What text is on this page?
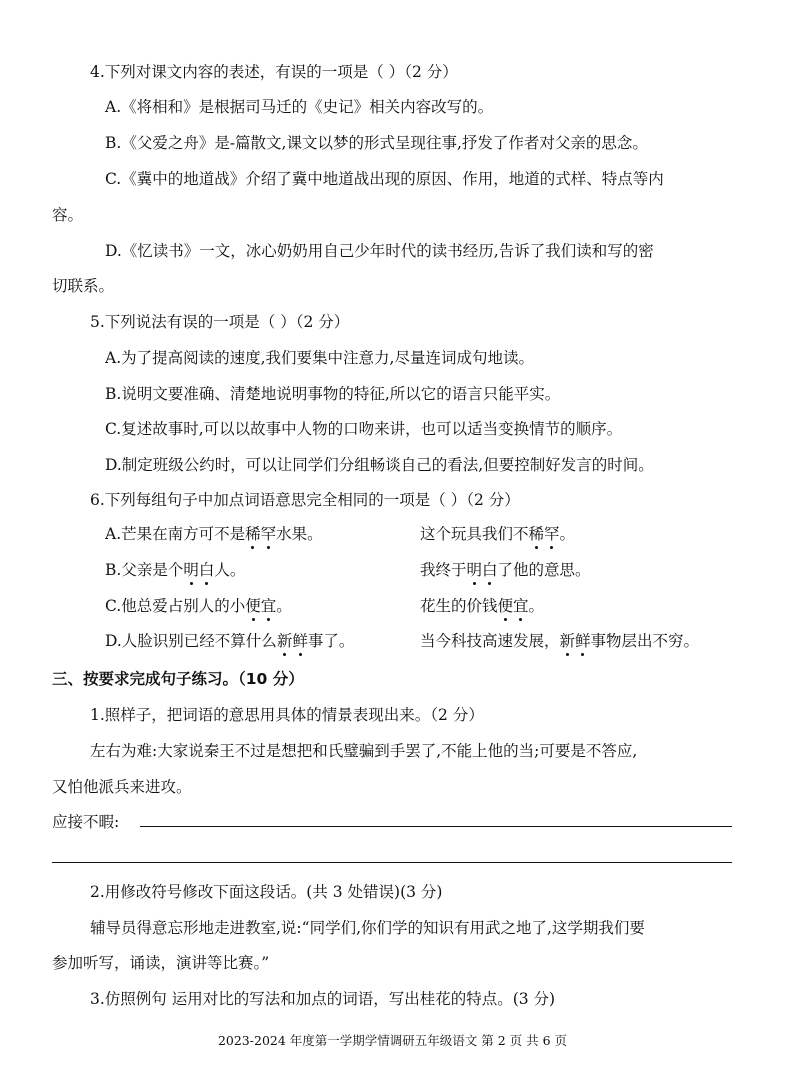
4.下列对课文内容的表述，有误的一项是（ ）（2 分）
A.《将相和》是根据司马迁的《史记》相关内容改写的。
B.《父爱之舟》是-篇散文,课文以梦的形式呈现往事,抒发了作者对父亲的思念。
C.《冀中的地道战》介绍了冀中地道战出现的原因、作用，地道的式样、特点等内
容。
D.《忆读书》一文，冰心奶奶用自己少年时代的读书经历,告诉了我们读和写的密
切联系。
5.下列说法有误的一项是（ ）（2 分）
A.为了提高阅读的速度,我们要集中注意力,尽量连词成句地读。
B.说明文要准确、清楚地说明事物的特征,所以它的语言只能平实。
C.复述故事时,可以以故事中人物的口吻来讲，也可以适当变换情节的顺序。
D.制定班级公约时，可以让同学们分组畅谈自己的看法,但要控制好发言的时间。
6.下列每组句子中加点词语意思完全相同的一项是（ ）（2 分）
A.芒果在南方可不是稀罕水果。	这个玩具我们不稀罕。
B.父亲是个明白人。	我终于明白了他的意思。
C.他总爱占别人的小便宜。	花生的价钱便宜。
D.人脸识别已经不算什么新鲜事了。	当今科技高速发展，新鲜事物层出不穷。
三、按要求完成句子练习。（10 分）
1.照样子，把词语的意思用具体的情景表现出来。（2 分）
左右为难:大家说秦王不过是想把和氏璧骗到手罢了,不能上他的当;可要是不答应,
又怕他派兵来进攻。
应接不暇:
2.用修改符号修改下面这段话。(共 3 处错误)(3 分)
辅导员得意忘形地走进教室,说:“同学们,你们学的知识有用武之地了,这学期我们要
参加听写，诵读，演讲等比赛。”
3.仿照例句 运用对比的写法和加点的词语，写出桂花的特点。(3 分)
2023-2024 年度第一学期学情调研五年级语文 第 2 页 共 6 页
